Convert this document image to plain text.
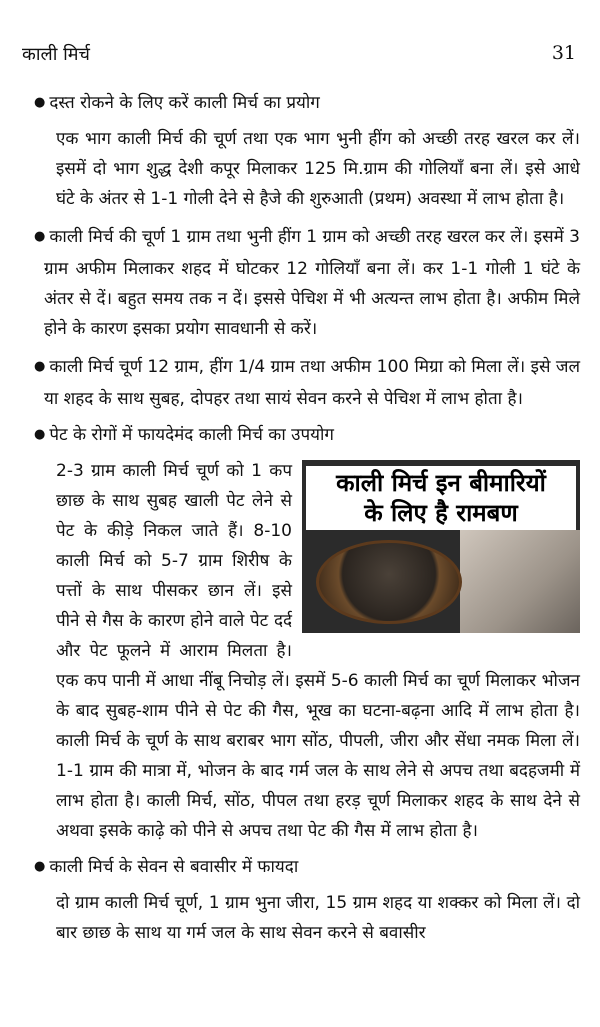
काली मिर्च	31
● दस्त रोकने के लिए करें काली मिर्च का प्रयोग

एक भाग काली मिर्च की चूर्ण तथा एक भाग भुनी हींग को अच्छी तरह खरल कर लें। इसमें दो भाग शुद्ध देशी कपूर मिलाकर 125 मि.ग्राम की गोलियाँ बना लें। इसे आधे घंटे के अंतर से 1-1 गोली देने से हैजे की शुरुआती (प्रथम) अवस्था में लाभ होता है।

● काली मिर्च की चूर्ण 1 ग्राम तथा भुनी हींग 1 ग्राम को अच्छी तरह खरल कर लें। इसमें 3 ग्राम अफीम मिलाकर शहद में घोटकर 12 गोलियाँ बना लें। कर 1-1 गोली 1 घंटे के अंतर से दें। बहुत समय तक न दें। इससे पेचिश में भी अत्यन्त लाभ होता है। अफीम मिले होने के कारण इसका प्रयोग सावधानी से करें।

● काली मिर्च चूर्ण 12 ग्राम, हींग 1/4 ग्राम तथा अफीम 100 मिग्रा को मिला लें। इसे जल या शहद के साथ सुबह, दोपहर तथा सायं सेवन करने से पेचिश में लाभ होता है।

● पेट के रोगों में फायदेमंद काली मिर्च का उपयोग
काली मिर्च इन बीमारियों
के लिए है रामबण

2-3 ग्राम काली मिर्च चूर्ण को 1 कप छाछ के साथ सुबह खाली पेट लेने से पेट के कीड़े निकल जाते हैं। 8-10 काली मिर्च को 5-7 ग्राम शिरीष के पत्तों के साथ पीसकर छान लें। इसे पीने से गैस के कारण होने वाले पेट दर्द और पेट फूलने में आराम मिलता है। एक कप पानी में आधा नींबू निचोड़ लें। इसमें 5-6 काली मिर्च का चूर्ण मिलाकर भोजन के बाद सुबह-शाम पीने से पेट की गैस, भूख का घटना-बढ़ना आदि में लाभ होता है। काली मिर्च के चूर्ण के साथ बराबर भाग सोंठ, पीपली, जीरा और सेंधा नमक मिला लें। 1-1 ग्राम की मात्रा में, भोजन के बाद गर्म जल के साथ लेने से अपच तथा बदहजमी में लाभ होता है। काली मिर्च, सोंठ, पीपल तथा हरड़ चूर्ण मिलाकर शहद के साथ देने से अथवा इसके काढ़े को पीने से अपच तथा पेट की गैस में लाभ होता है।

● काली मिर्च के सेवन से बवासीर में फायदा

दो ग्राम काली मिर्च चूर्ण, 1 ग्राम भुना जीरा, 15 ग्राम शहद या शक्कर को मिला लें। दो बार छाछ के साथ या गर्म जल के साथ सेवन करने से बवासीर
